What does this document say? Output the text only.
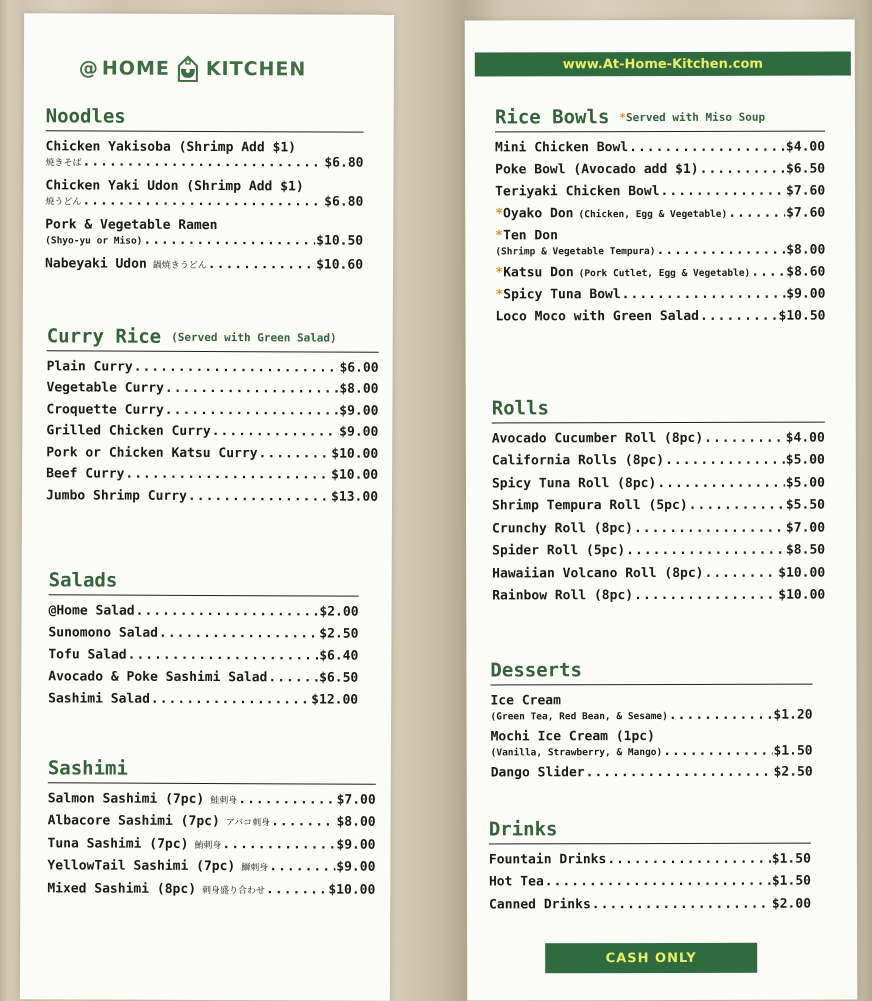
@ HOME KITCHEN
Noodles
Chicken Yakisoba (Shrimp Add $1)
焼きそば .....	$6.80
Chicken Yaki Udon (Shrimp Add $1)
焼うどん .....	$6.80
Pork & Vegetable Ramen
(Shyo-yu or Miso) .....	$10.50
Nabeyaki Udon 鍋焼きうどん .....	$10.60
Curry Rice (Served with Green Salad)
Plain Curry .....	$6.00
Vegetable Curry .....	$8.00
Croquette Curry .....	$9.00
Grilled Chicken Curry .....	$9.00
Pork or Chicken Katsu Curry .....	$10.00
Beef Curry .....	$10.00
Jumbo Shrimp Curry .....	$13.00
Salads
@Home Salad .....	$2.00
Sunomono Salad .....	$2.50
Tofu Salad .....	$6.40
Avocado & Poke Sashimi Salad .....	$6.50
Sashimi Salad .....	$12.00
Sashimi
Salmon Sashimi (7pc) 鮭刺身 .....	$7.00
Albacore Sashimi (7pc) アバコ刺身 .....	$8.00
Tuna Sashimi (7pc) 鮪刺身 .....	$9.00
YellowTail Sashimi (7pc) 鰤刺身 .....	$9.00
Mixed Sashimi (8pc) 刺身盛り合わせ .....	$10.00
www.At-Home-Kitchen.com
Rice Bowls *Served with Miso Soup
Mini Chicken Bowl .....	$4.00
Poke Bowl (Avocado add $1) .....	$6.50
Teriyaki Chicken Bowl .....	$7.60
* Oyako Don (Chicken, Egg & Vegetable) .....	$7.60
* Ten Don
(Shrimp & Vegetable Tempura) .....	$8.00
* Katsu Don (Pork Cutlet, Egg & Vegetable) .....	$8.60
* Spicy Tuna Bowl .....	$9.00
Loco Moco with Green Salad .....	$10.50
Rolls
Avocado Cucumber Roll (8pc) .....	$4.00
California Rolls (8pc) .....	$5.00
Spicy Tuna Roll (8pc) .....	$5.00
Shrimp Tempura Roll (5pc) .....	$5.50
Crunchy Roll (8pc) .....	$7.00
Spider Roll (5pc) .....	$8.50
Hawaiian Volcano Roll (8pc) .....	$10.00
Rainbow Roll (8pc) .....	$10.00
Desserts
Ice Cream
(Green Tea, Red Bean, & Sesame) .....	$1.20
Mochi Ice Cream (1pc)
(Vanilla, Strawberry, & Mango) .....	$1.50
Dango Slider .....	$2.50
Drinks
Fountain Drinks .....	$1.50
Hot Tea .....	$1.50
Canned Drinks .....	$2.00
CASH ONLY
